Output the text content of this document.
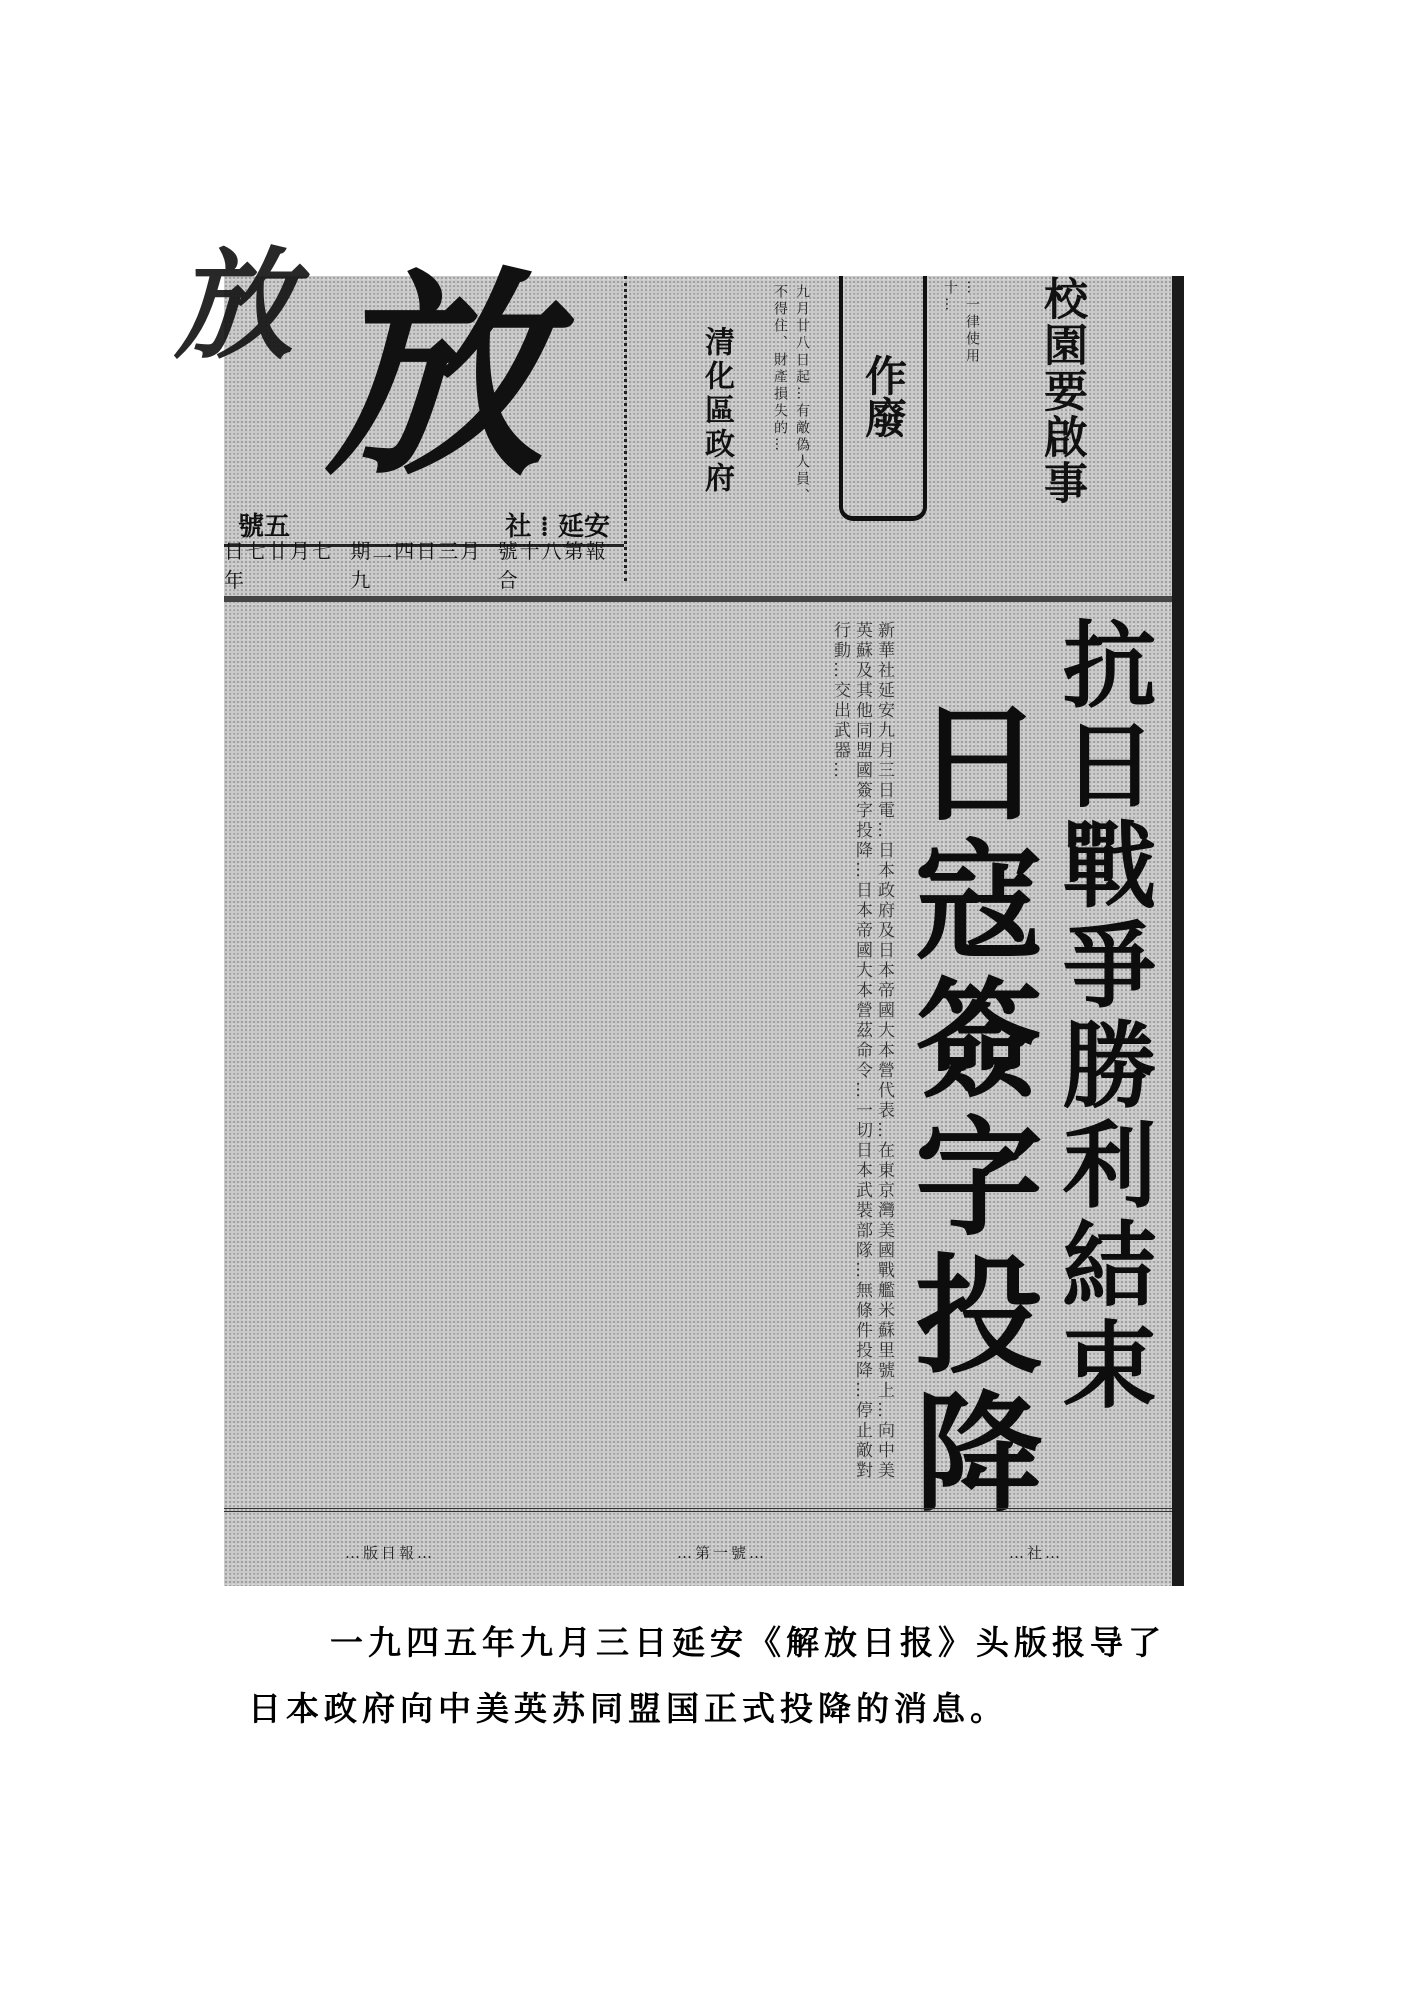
放
放
號五	社 ⁞ 延安
日七廿月七年
期二四日三月九
號十八第報合
清化區政府	九月廿八日起…有敵偽人員、不得住、財產損失的…	作廢
…一律使用十…	校園要啟事
抗日戰爭勝利結束
日寇簽字投降
新華社延安九月三日電…日本政府及日本帝國大本營代表…在東京灣美國戰艦米蘇里號上…向中美英蘇及其他同盟國簽字投降…日本帝國大本營茲命令…一切日本武裝部隊…無條件投降…停止敵對行動…交出武器…
…版日報…	…第一號…	…社…

一九四五年九月三日延安《解放日报》头版报导了日本政府向中美英苏同盟国正式投降的消息。
